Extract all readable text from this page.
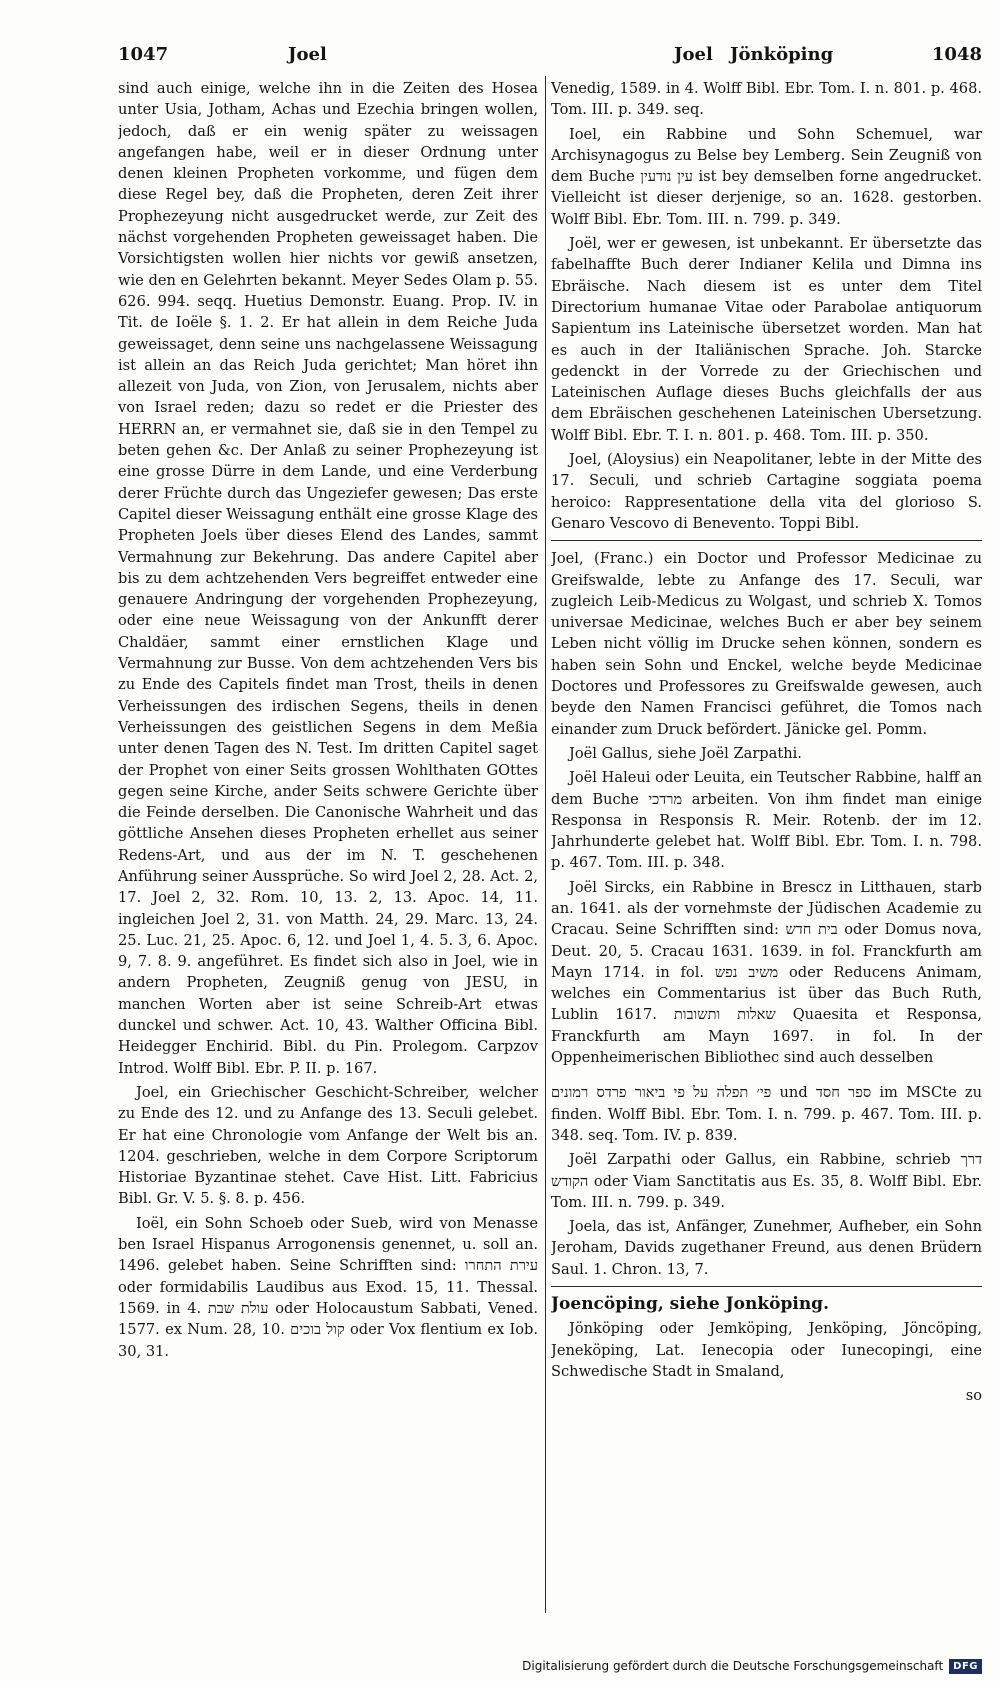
1047	Joel	Joel Jönköping	1048

sind auch einige, welche ihn in die Zeiten des Hosea unter Usia, Jotham, Achas und Ezechia bringen wollen, jedoch, daß er ein wenig später zu weissagen angefangen habe, weil er in dieser Ordnung unter denen kleinen Propheten vorkomme, und fügen dem diese Regel bey, daß die Propheten, deren Zeit ihrer Prophezeyung nicht ausgedrucket werde, zur Zeit des nächst vorgehenden Propheten geweissaget haben. Die Vorsichtigsten wollen hier nichts vor gewiß ansetzen, wie den en Gelehrten bekannt. Meyer Sedes Olam p. 55. 626. 994. seqq. Huetius Demonstr. Euang. Prop. IV. in Tit. de Ioële §. 1. 2. Er hat allein in dem Reiche Juda geweissaget, denn seine uns nachgelassene Weissagung ist allein an das Reich Juda gerichtet; Man höret ihn allezeit von Juda, von Zion, von Jerusalem, nichts aber von Israel reden; dazu so redet er die Priester des HERRN an, er vermahnet sie, daß sie in den Tempel zu beten gehen &c. Der Anlaß zu seiner Prophezeyung ist eine grosse Dürre in dem Lande, und eine Verderbung derer Früchte durch das Ungeziefer gewesen; Das erste Capitel dieser Weissagung enthält eine grosse Klage des Propheten Joels über dieses Elend des Landes, sammt Vermahnung zur Bekehrung. Das andere Capitel aber bis zu dem achtzehenden Vers begreiffet entweder eine genauere Andringung der vorgehenden Prophezeyung, oder eine neue Weissagung von der Ankunfft derer Chaldäer, sammt einer ernstlichen Klage und Vermahnung zur Busse. Von dem achtzehenden Vers bis zu Ende des Capitels findet man Trost, theils in denen Verheissungen des irdischen Segens, theils in denen Verheissungen des geistlichen Segens in dem Meßia unter denen Tagen des N. Test. Im dritten Capitel saget der Prophet von einer Seits grossen Wohlthaten GOttes gegen seine Kirche, ander Seits schwere Gerichte über die Feinde derselben. Die Canonische Wahrheit und das göttliche Ansehen dieses Propheten erhellet aus seiner Redens-Art, und aus der im N. T. geschehenen Anführung seiner Aussprüche. So wird Joel 2, 28. Act. 2, 17. Joel 2, 32. Rom. 10, 13. 2, 13. Apoc. 14, 11. ingleichen Joel 2, 31. von Matth. 24, 29. Marc. 13, 24. 25. Luc. 21, 25. Apoc. 6, 12. und Joel 1, 4. 5. 3, 6. Apoc. 9, 7. 8. 9. angeführet. Es findet sich also in Joel, wie in andern Propheten, Zeugniß genug von JESU, in manchen Worten aber ist seine Schreib-Art etwas dunckel und schwer. Act. 10, 43. Walther Officina Bibl. Heidegger Enchirid. Bibl. du Pin. Prolegom. Carpzov Introd. Wolff Bibl. Ebr. P. II. p. 167.

Joel, ein Griechischer Geschicht-Schreiber, welcher zu Ende des 12. und zu Anfange des 13. Seculi gelebet. Er hat eine Chronologie vom Anfange der Welt bis an. 1204. geschrieben, welche in dem Corpore Scriptorum Historiae Byzantinae stehet. Cave Hist. Litt. Fabricius Bibl. Gr. V. 5. §. 8. p. 456.

Ioël, ein Sohn Schoeb oder Sueb, wird von Menasse ben Israel Hispanus Arrogonensis genennet, u. soll an. 1496. gelebet haben. Seine Schrifften sind: עירת התחרו oder formidabilis Laudibus aus Exod. 15, 11. Thessal. 1569. in 4. עולת שבת oder Holocaustum Sabbati, Vened. 1577. ex Num. 28, 10. קול בוכים oder Vox flentium ex Iob. 30, 31.

Venedig, 1589. in 4. Wolff Bibl. Ebr. Tom. I. n. 801. p. 468. Tom. III. p. 349. seq.

Ioel, ein Rabbine und Sohn Schemuel, war Archisynagogus zu Belse bey Lemberg. Sein Zeugniß von dem Buche עין נודעין ist bey demselben forne angedrucket. Vielleicht ist dieser derjenige, so an. 1628. gestorben. Wolff Bibl. Ebr. Tom. III. n. 799. p. 349.

Joël, wer er gewesen, ist unbekannt. Er übersetzte das fabelhaffte Buch derer Indianer Kelila und Dimna ins Ebräische. Nach diesem ist es unter dem Titel Directorium humanae Vitae oder Parabolae antiquorum Sapientum ins Lateinische übersetzet worden. Man hat es auch in der Italiänischen Sprache. Joh. Starcke gedenckt in der Vorrede zu der Griechischen und Lateinischen Auflage dieses Buchs gleichfalls der aus dem Ebräischen geschehenen Lateinischen Ubersetzung. Wolff Bibl. Ebr. T. I. n. 801. p. 468. Tom. III. p. 350.

Joel, (Aloysius) ein Neapolitaner, lebte in der Mitte des 17. Seculi, und schrieb Cartagine soggiata poema heroico: Rappresentatione della vita del glorioso S. Genaro Vescovo di Benevento. Toppi Bibl.

Joel, (Franc.) ein Doctor und Professor Medicinae zu Greifswalde, lebte zu Anfange des 17. Seculi, war zugleich Leib-Medicus zu Wolgast, und schrieb X. Tomos universae Medicinae, welches Buch er aber bey seinem Leben nicht völlig im Drucke sehen können, sondern es haben sein Sohn und Enckel, welche beyde Medicinae Doctores und Professores zu Greifswalde gewesen, auch beyde den Namen Francisci geführet, die Tomos nach einander zum Druck befördert. Jänicke gel. Pomm.

Joël Gallus, siehe Joël Zarpathi.

Joël Haleui oder Leuita, ein Teutscher Rabbine, halff an dem Buche מרדכי arbeiten. Von ihm findet man einige Responsa in Responsis R. Meir. Rotenb. der im 12. Jahrhunderte gelebet hat. Wolff Bibl. Ebr. Tom. I. n. 798. p. 467. Tom. III. p. 348.

Joël Sircks, ein Rabbine in Brescz in Litthauen, starb an. 1641. als der vornehmste der Jüdischen Academie zu Cracau. Seine Schrifften sind: בית חדש oder Domus nova, Deut. 20, 5. Cracau 1631. 1639. in fol. Franckfurth am Mayn 1714. in fol. משיב נפש oder Reducens Animam, welches ein Commentarius ist über das Buch Ruth, Lublin 1617. שאלות ותשובות Quaesita et Responsa, Franckfurth am Mayn 1697. in fol. In der Oppenheimerischen Bibliothec sind auch desselben

פי׳ תפלה על פי ביאור פרדס רמונים und ספר חסד im MSCte zu finden. Wolff Bibl. Ebr. Tom. I. n. 799. p. 467. Tom. III. p. 348. seq. Tom. IV. p. 839.

Joël Zarpathi oder Gallus, ein Rabbine, schrieb דרך הקודש oder Viam Sanctitatis aus Es. 35, 8. Wolff Bibl. Ebr. Tom. III. n. 799. p. 349.

Joela, das ist, Anfänger, Zunehmer, Aufheber, ein Sohn Jeroham, Davids zugethaner Freund, aus denen Brüdern Saul. 1. Chron. 13, 7.

Joencöping, siehe Jonköping.

Jönköping oder Jemköping, Jenköping, Jöncöping, Jeneköping, Lat. Ienecopia oder Iunecopingi, eine Schwedische Stadt in Smaland,

so
Digitalisierung gefördert durch die Deutsche Forschungsgemeinschaft	DFG
